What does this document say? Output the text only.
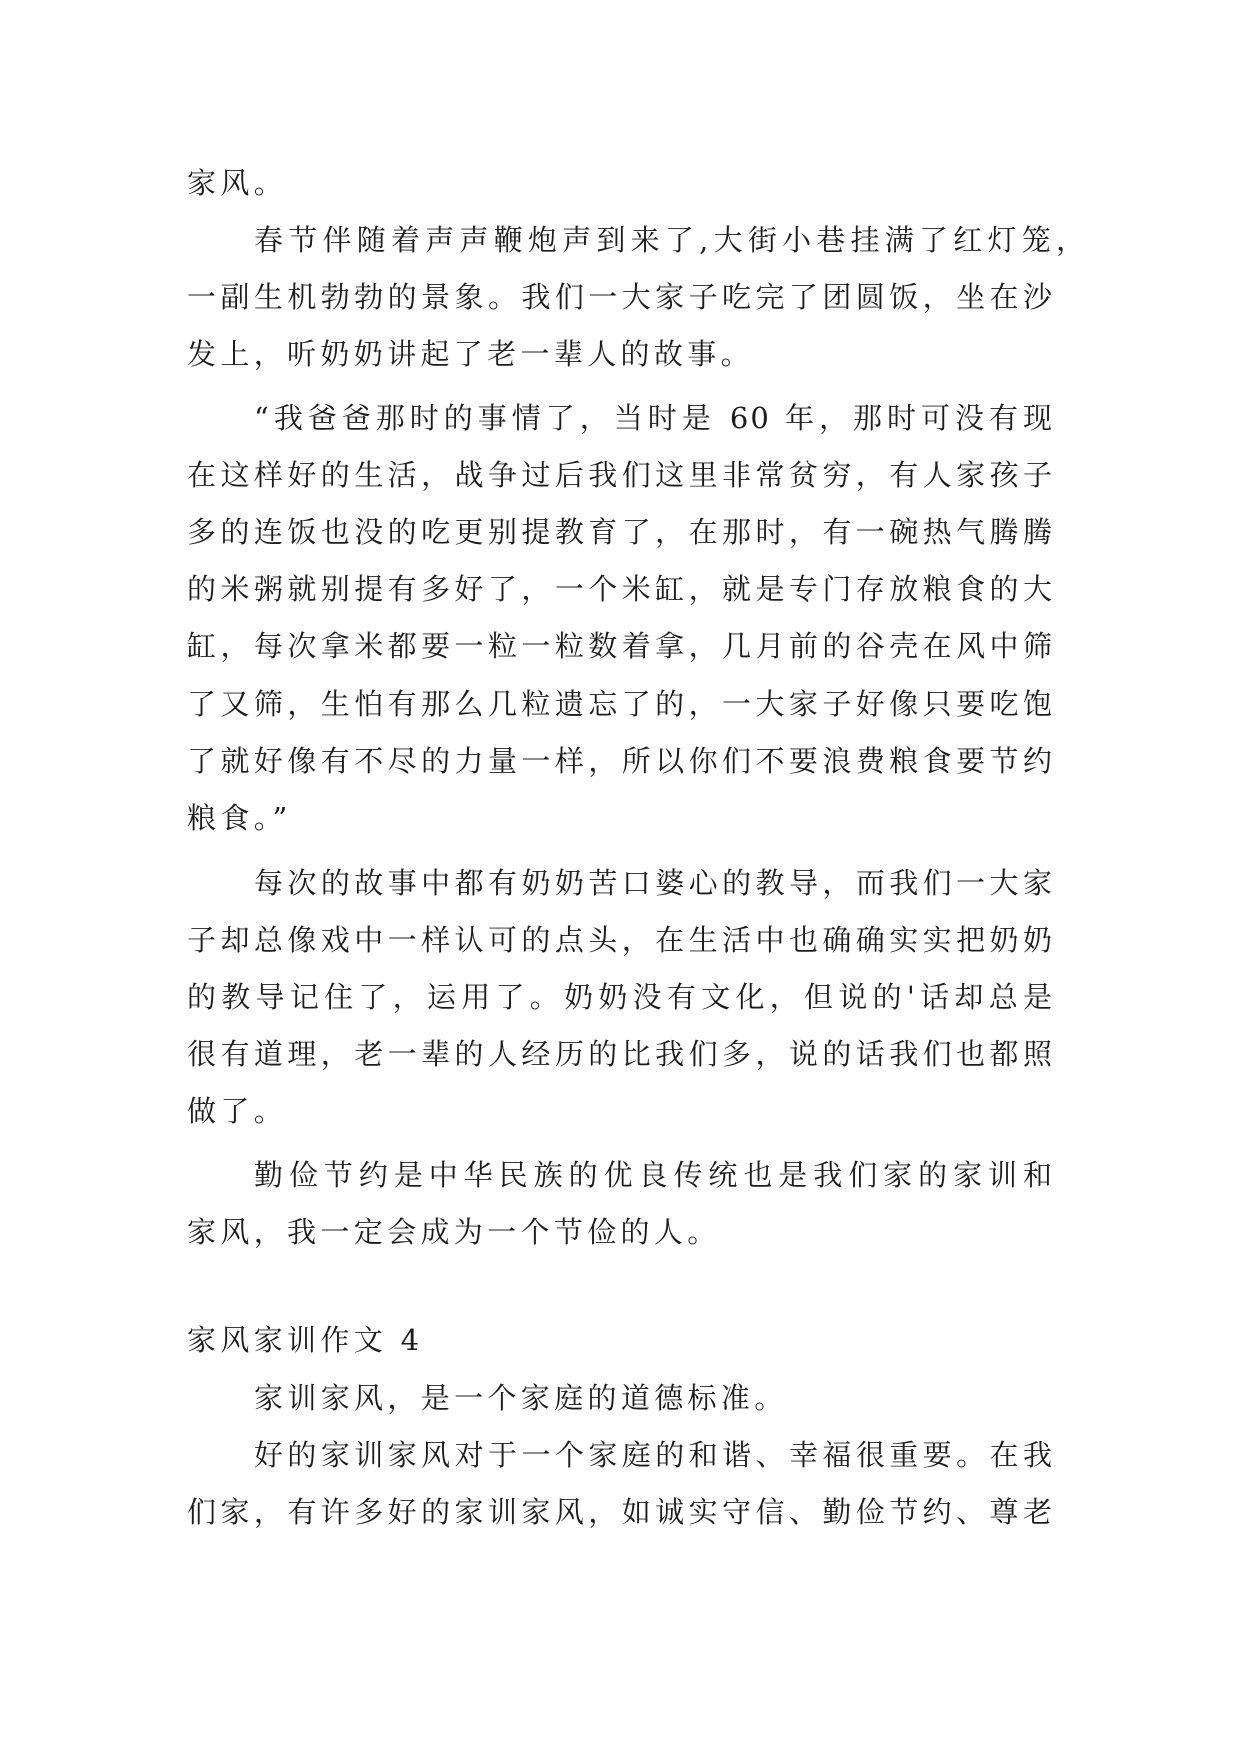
家风。
春节伴随着声声鞭炮声到来了,大街小巷挂满了红灯笼，
一副生机勃勃的景象。我们一大家子吃完了团圆饭，坐在沙
发上，听奶奶讲起了老一辈人的故事。
“我爸爸那时的事情了，当时是 60 年，那时可没有现
在这样好的生活，战争过后我们这里非常贫穷，有人家孩子
多的连饭也没的吃更别提教育了，在那时，有一碗热气腾腾
的米粥就别提有多好了，一个米缸，就是专门存放粮食的大
缸，每次拿米都要一粒一粒数着拿，几月前的谷壳在风中筛
了又筛，生怕有那么几粒遗忘了的，一大家子好像只要吃饱
了就好像有不尽的力量一样，所以你们不要浪费粮食要节约
粮食。”
每次的故事中都有奶奶苦口婆心的教导，而我们一大家
子却总像戏中一样认可的点头，在生活中也确确实实把奶奶
的教导记住了，运用了。奶奶没有文化，但说的'话却总是
很有道理，老一辈的人经历的比我们多，说的话我们也都照
做了。
勤俭节约是中华民族的优良传统也是我们家的家训和
家风，我一定会成为一个节俭的人。
家风家训作文 4
家训家风，是一个家庭的道德标准。
好的家训家风对于一个家庭的和谐、幸福很重要。在我
们家，有许多好的家训家风，如诚实守信、勤俭节约、尊老
